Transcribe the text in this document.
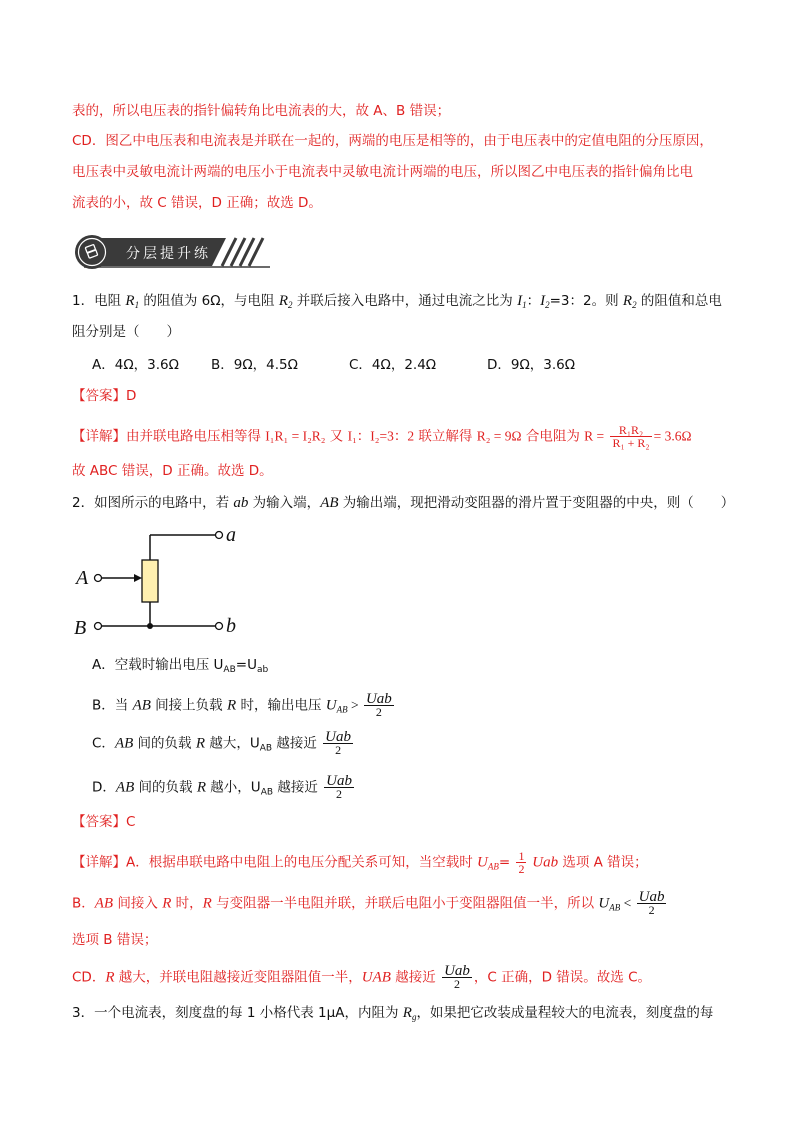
表的，所以电压表的指针偏转角比电流表的大，故 A、B 错误；
CD．图乙中电压表和电流表是并联在一起的，两端的电压是相等的，由于电压表中的定值电阻的分压原因，
电压表中灵敏电流计两端的电压小于电流表中灵敏电流计两端的电压，所以图乙中电压表的指针偏角比电
流表的小，故 C 错误，D 正确；故选 D。
分层提升练
1．电阻 $R_1$ 的阻值为 6Ω，与电阻 $R_2$ 并联后接入电路中，通过电流之比为 $I_1$：$I_2=3$：2。则 $R_2$ 的阻值和总电
阻分别是（　　）
A．4Ω，3.6Ω B．9Ω，4.5Ω	C．4Ω，2.4Ω	D．9Ω，3.6Ω
【答案】D
【详解】由并联电路电压相等得 I₁R₁ = I₂R₂ 又 I₁：I₂=3：2 联立解得 R₂ = 9Ω 合电阻为 $R = \frac{\text{R₁R₂}}{\text{R₁ + R₂}} = 3.6\Omega$
故 ABC 错误，D 正确。故选 D。
2．如图所示的电路中，若 ab 为输入端，AB 为输出端，现把滑动变阻器的滑片置于变阻器的中央，则（　　）
A
B
a
b
A．空载时输出电压 $U_{AB}=U_{ab}$
B．当 AB 间接上负载 R 时，输出电压 $U_{AB} > \frac{\text{Uab}}{2}$
C．AB 间的负载 R 越大，$U_{AB}$ 越接近 $\frac{\text{Uab}}{2}$
D．AB 间的负载 R 越小，$U_{AB}$ 越接近 $\frac{\text{Uab}}{2}$
【答案】C
【详解】A．根据串联电路中电阻上的电压分配关系可知，当空载时 $U_{AB}= \frac{1}{2}$ Uab 选项 A 错误；
B．AB 间接入 R 时，R 与变阻器一半电阻并联，并联后电阻小于变阻器阻值一半，所以 $U_{AB} < \frac{\text{Uab}}{2}$
选项 B 错误；
CD．R 越大，并联电阻越接近变阻器阻值一半，UAB 越接近 $\frac{\text{Uab}}{2}$ ，C 正确，D 错误。故选 C。
3．一个电流表，刻度盘的每 1 小格代表 1μA，内阻为 $R_g$，如果把它改装成量程较大的电流表，刻度盘的每
